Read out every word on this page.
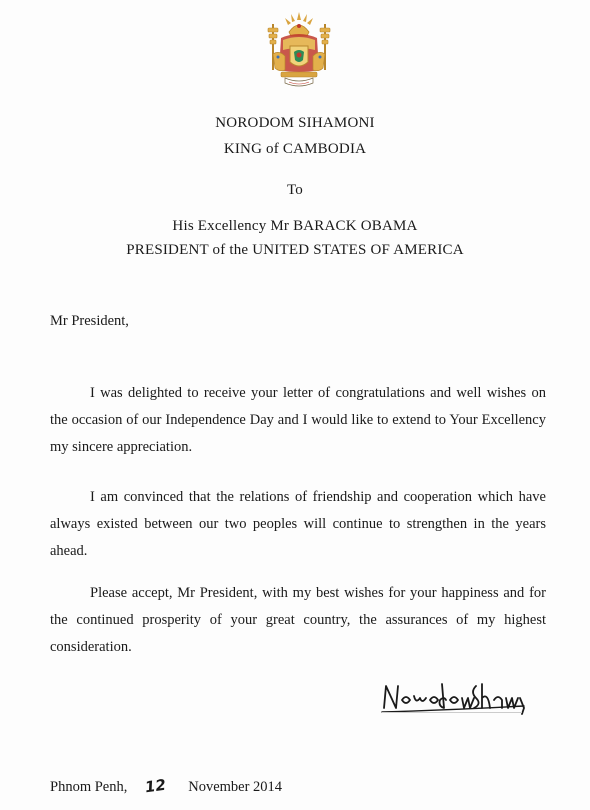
NORODOM SIHAMONI
KING of CAMBODIA
To
His Excellency Mr BARACK OBAMA
PRESIDENT of the UNITED STATES OF AMERICA
Mr President,
I was delighted to receive your letter of congratulations and well wishes on the occasion of our Independence Day and I would like to extend to Your Excellency my sincere appreciation.
I am convinced that the relations of friendship and cooperation which have always existed between our two peoples will continue to strengthen in the years ahead.
Please accept, Mr President, with my best wishes for your happiness and for the continued prosperity of your great country, the assurances of my highest consideration.
Phnom Penh, 12 November 2014
